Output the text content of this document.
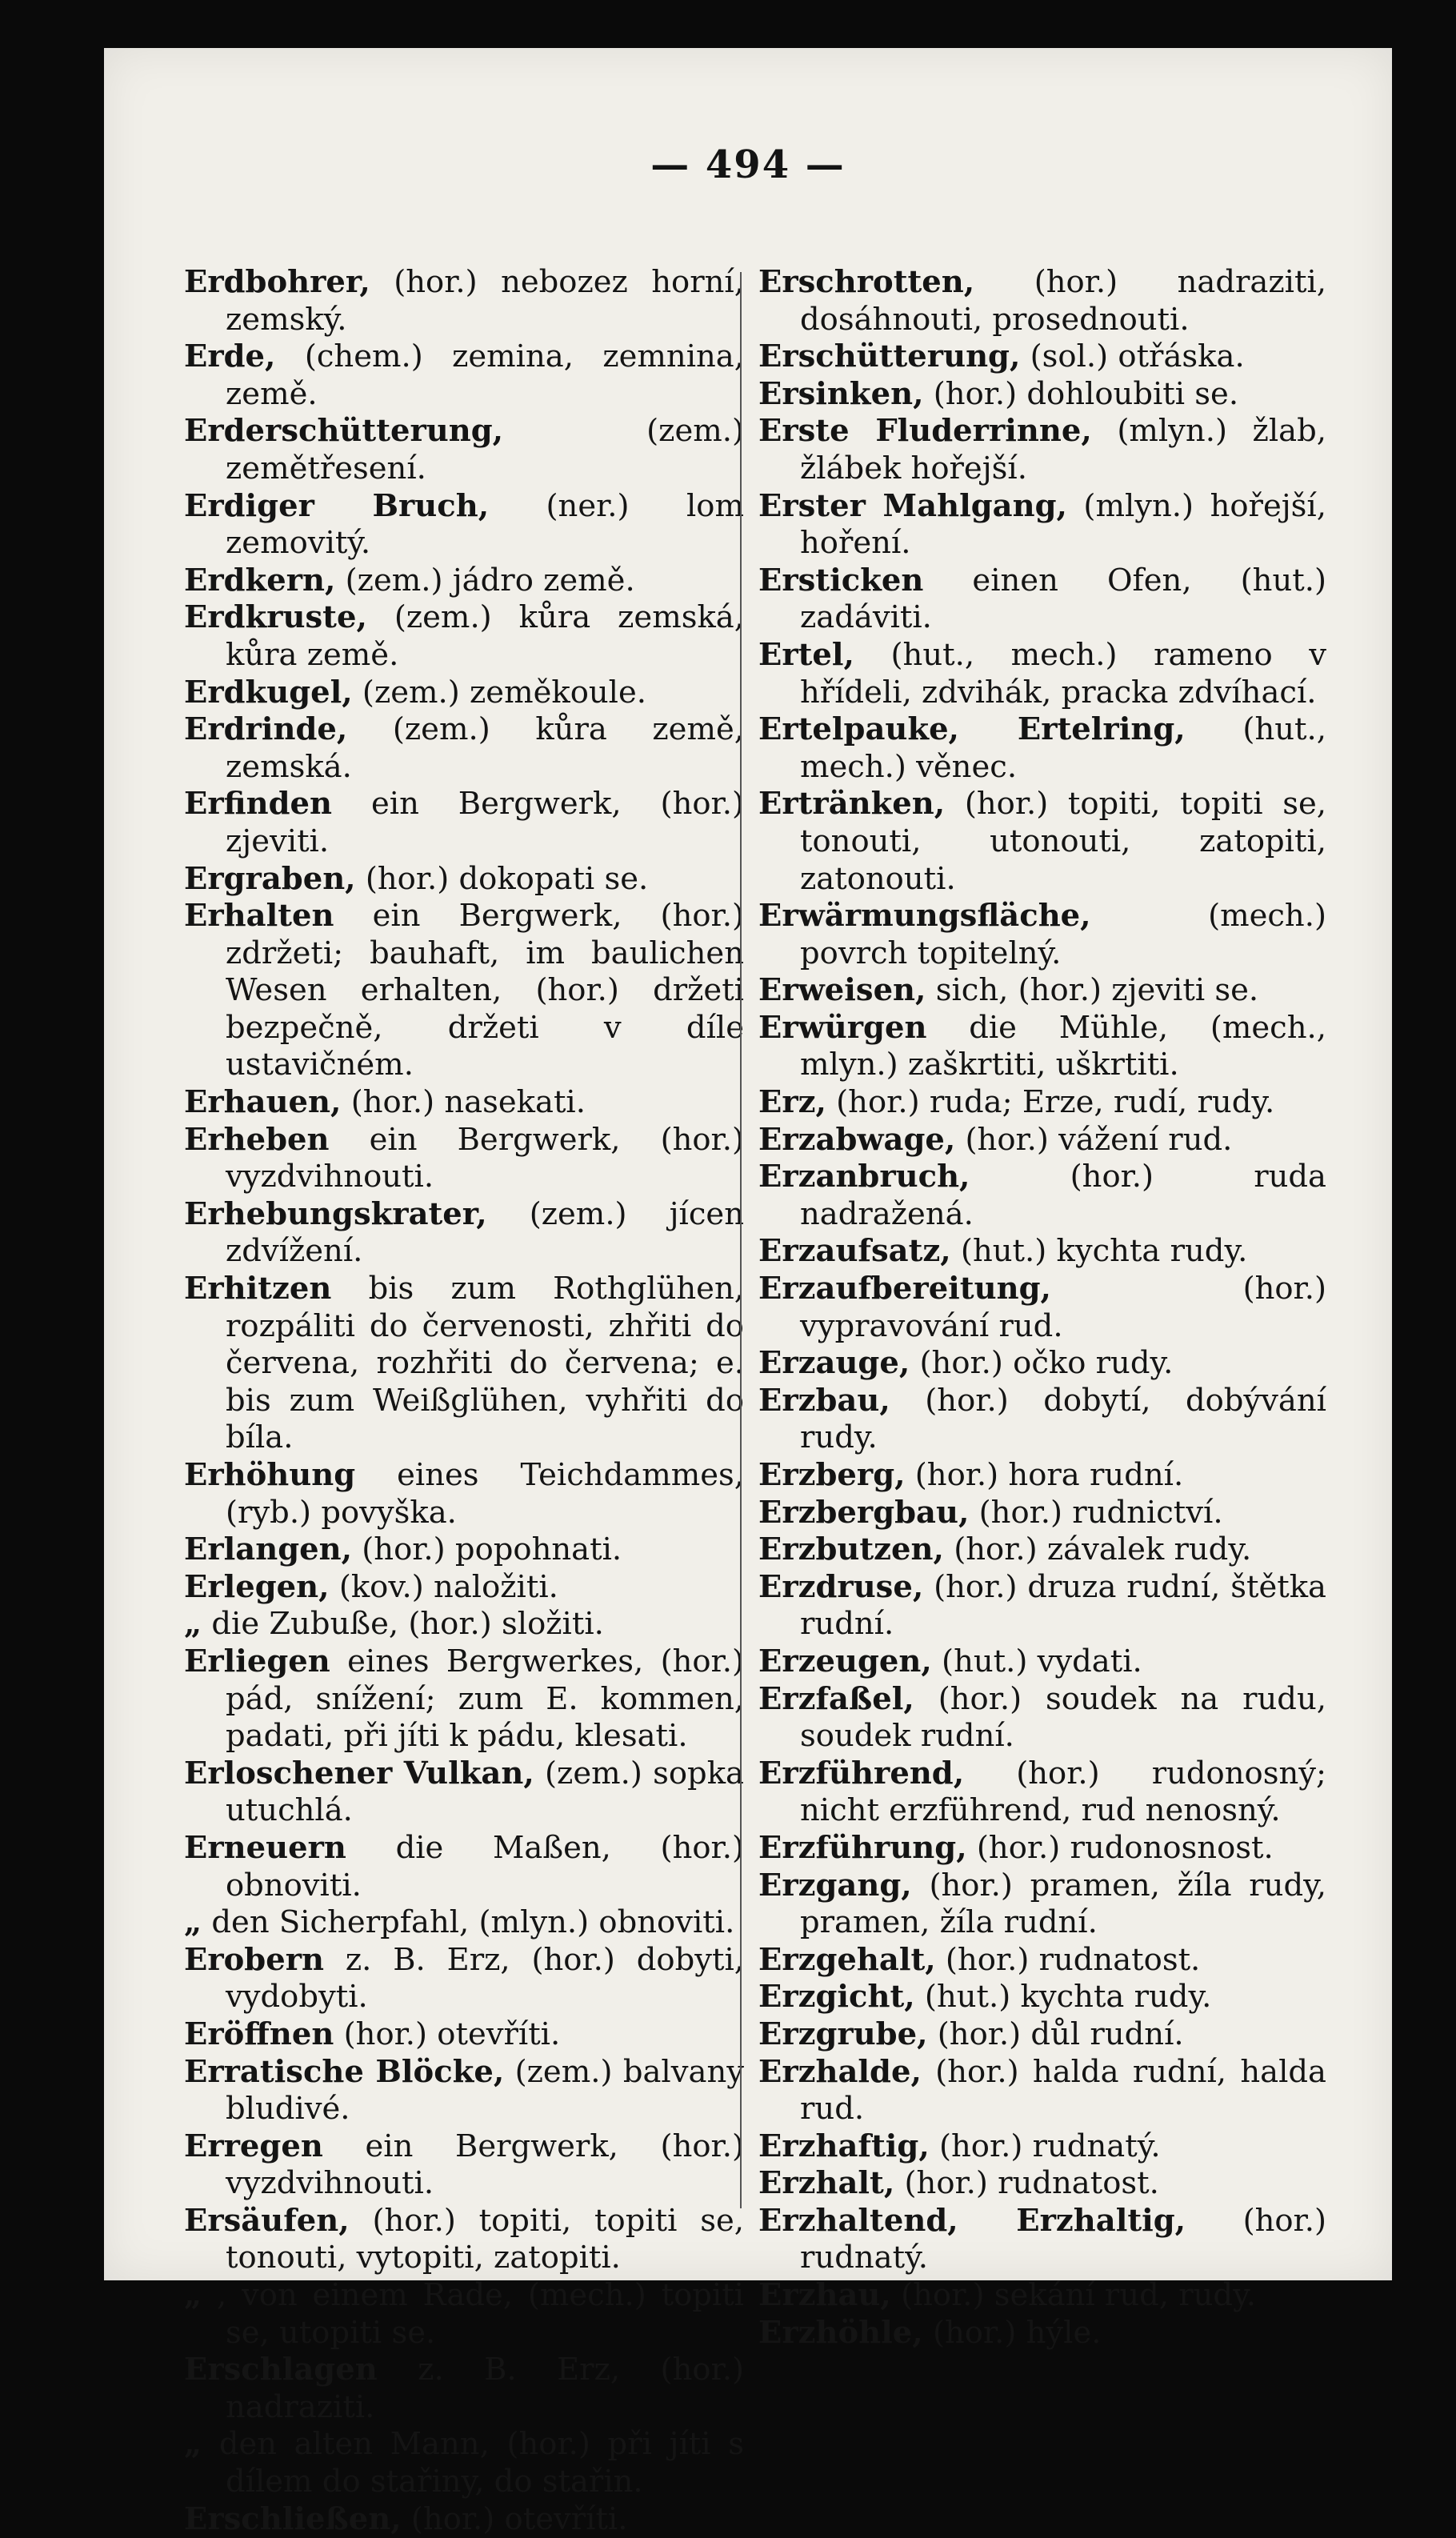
— 494 —

Erdbohrer, (hor.) nebozez horní, zemský.

Erde, (chem.) zemina, zemnina, země.

Erderschütterung,	(zem.) zemětřesení.

Erdiger Bruch, (ner.) lom zemovitý.

Erdkern, (zem.) jádro země.

Erdkruste, (zem.) kůra zemská, kůra země.

Erdkugel, (zem.) zeměkoule.

Erdrinde, (zem.) kůra země, zemská.

Erfinden ein Bergwerk, (hor.) zjeviti.

Ergraben, (hor.) dokopati se.

Erhalten ein Bergwerk, (hor.) zdržeti; bauhaft, im baulichen Wesen erhalten, (hor.) držeti bezpečně, držeti v díle ustavičném.

Erhauen, (hor.) nasekati.

Erheben ein Bergwerk, (hor.) vyzdvihnouti.

Erhebungskrater, (zem.) jícen zdvížení.

Erhitzen bis zum Rothglühen, rozpáliti do červenosti, zhřiti do červena, rozhřiti do červena; e. bis zum Weißglühen, vyhřiti do bíla.

Erhöhung eines Teichdammes, (ryb.) povyška.

Erlangen, (hor.) popohnati.

Erlegen, (kov.) naložiti.

„ die Zubuße, (hor.) složiti.

Erliegen eines Bergwerkes, (hor.) pád, snížení; zum E. kommen, padati, při jíti k pádu, klesati.

Erloschener Vulkan, (zem.) sopka utuchlá.

Erneuern die Maßen, (hor.) obnoviti.

„ den Sicherpfahl, (mlyn.) obnoviti.

Erobern z. B. Erz, (hor.) dobyti, vydobyti.

Eröffnen (hor.) otevříti.

Erratische Blöcke, (zem.) balvany bludivé.

Erregen ein Bergwerk, (hor.) vyzdvihnouti.

Ersäufen, (hor.) topiti, topiti se, tonouti, vytopiti, zatopiti.

„ , von einem Rade, (mech.) topiti se, utopiti se.

Erschlagen z. B. Erz, (hor.) nadraziti.

„ den alten Mann, (hor.) při jíti s dílem do stařiny, do stařin.

Erschließen, (hor.) otevříti.

Erschrotten, (hor.) nadraziti, dosáhnouti, prosednouti.

Erschütterung, (sol.) otřáska.

Ersinken, (hor.) dohloubiti se.

Erste Fluderrinne, (mlyn.) žlab, žlábek hořejší.

Erster Mahlgang, (mlyn.) hořejší, hoření.

Ersticken einen Ofen, (hut.) zadáviti.

Ertel, (hut., mech.) rameno v hřídeli, zdvihák, pracka zdvíhací.

Ertelpauke, Ertelring, (hut., mech.) věnec.

Ertränken, (hor.) topiti, topiti se, tonouti, utonouti, zatopiti, zatonouti.

Erwärmungsfläche,	(mech.) povrch topitelný.

Erweisen, sich, (hor.) zjeviti se.

Erwürgen die Mühle, (mech., mlyn.) zaškrtiti, uškrtiti.

Erz, (hor.) ruda; Erze, rudí, rudy.

Erzabwage, (hor.) vážení rud.

Erzanbruch,	(hor.) ruda nadražená.

Erzaufsatz, (hut.) kychta rudy.

Erzaufbereitung,	(hor.) vypravování rud.

Erzauge, (hor.) očko rudy.

Erzbau, (hor.) dobytí, dobývání rudy.

Erzberg, (hor.) hora rudní.

Erzbergbau, (hor.) rudnictví.

Erzbutzen, (hor.) závalek rudy.

Erzdruse, (hor.) druza rudní, štětka rudní.

Erzeugen, (hut.) vydati.

Erzfaßel, (hor.) soudek na rudu, soudek rudní.

Erzführend, (hor.) rudonosný; nicht erzführend, rud nenosný.

Erzführung, (hor.) rudonosnost.

Erzgang, (hor.) pramen, žíla rudy, pramen, žíla rudní.

Erzgehalt, (hor.) rudnatost.

Erzgicht, (hut.) kychta rudy.

Erzgrube, (hor.) důl rudní.

Erzhalde, (hor.) halda rudní, halda rud.

Erzhaftig, (hor.) rudnatý.

Erzhalt, (hor.) rudnatost.

Erzhaltend, Erzhaltig, (hor.) rudnatý.

Erzhau, (hor.) sekání rud, rudy.

Erzhöhle, (hor.) hýle.
